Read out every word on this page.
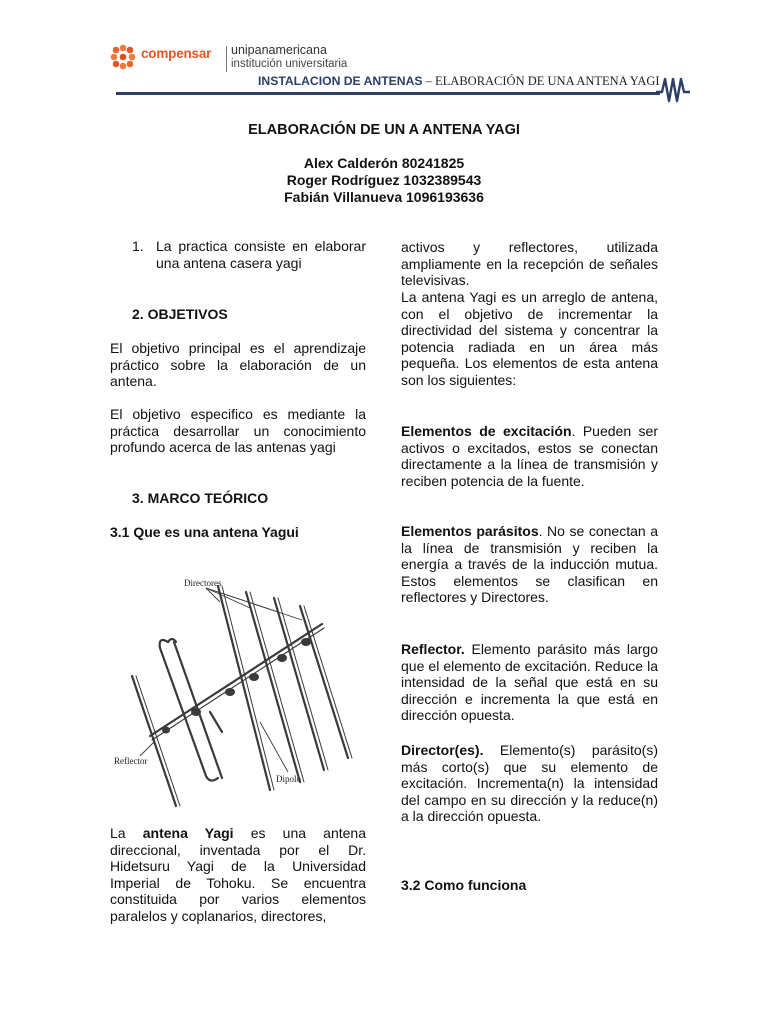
compensar unipanamericana
institución universitaria
INSTALACION DE ANTENAS – ELABORACIÓN DE UNA ANTENA YAGI
ELABORACIÓN DE UN A ANTENA YAGI
Alex Calderón 80241825
Roger Rodríguez 1032389543
Fabián Villanueva 1096193636
1. La practica consiste en elaborar una antena casera yagi
2. OBJETIVOS
El objetivo principal es el aprendizaje práctico sobre la elaboración de un antena.
El objetivo especifico es mediante la práctica desarrollar un conocimiento profundo acerca de las antenas yagi
3. MARCO TEÓRICO
3.1 Que es una antena Yagui
Directores
Reflector
Dipolo
La antena Yagi es una antena direccional, inventada por el Dr. Hidetsuru Yagi de la Universidad Imperial de Tohoku. Se encuentra constituida por varios elementos paralelos y coplanarios, directores,
activos y reflectores, utilizada ampliamente en la recepción de señales televisivas.
La antena Yagi es un arreglo de antena, con el objetivo de incrementar la directividad del sistema y concentrar la potencia radiada en un área más pequeña. Los elementos de esta antena son los siguientes:
Elementos de excitación. Pueden ser activos o excitados, estos se conectan directamente a la línea de transmisión y reciben potencia de la fuente.
Elementos parásitos. No se conectan a la línea de transmisión y reciben la energía a través de la inducción mutua. Estos elementos se clasifican en reflectores y Directores.
Reflector. Elemento parásito más largo que el elemento de excitación. Reduce la intensidad de la señal que está en su dirección e incrementa la que está en dirección opuesta.
Director(es). Elemento(s) parásito(s) más corto(s) que su elemento de excitación. Incrementa(n) la intensidad del campo en su dirección y la reduce(n) a la dirección opuesta.
3.2 Como funciona
